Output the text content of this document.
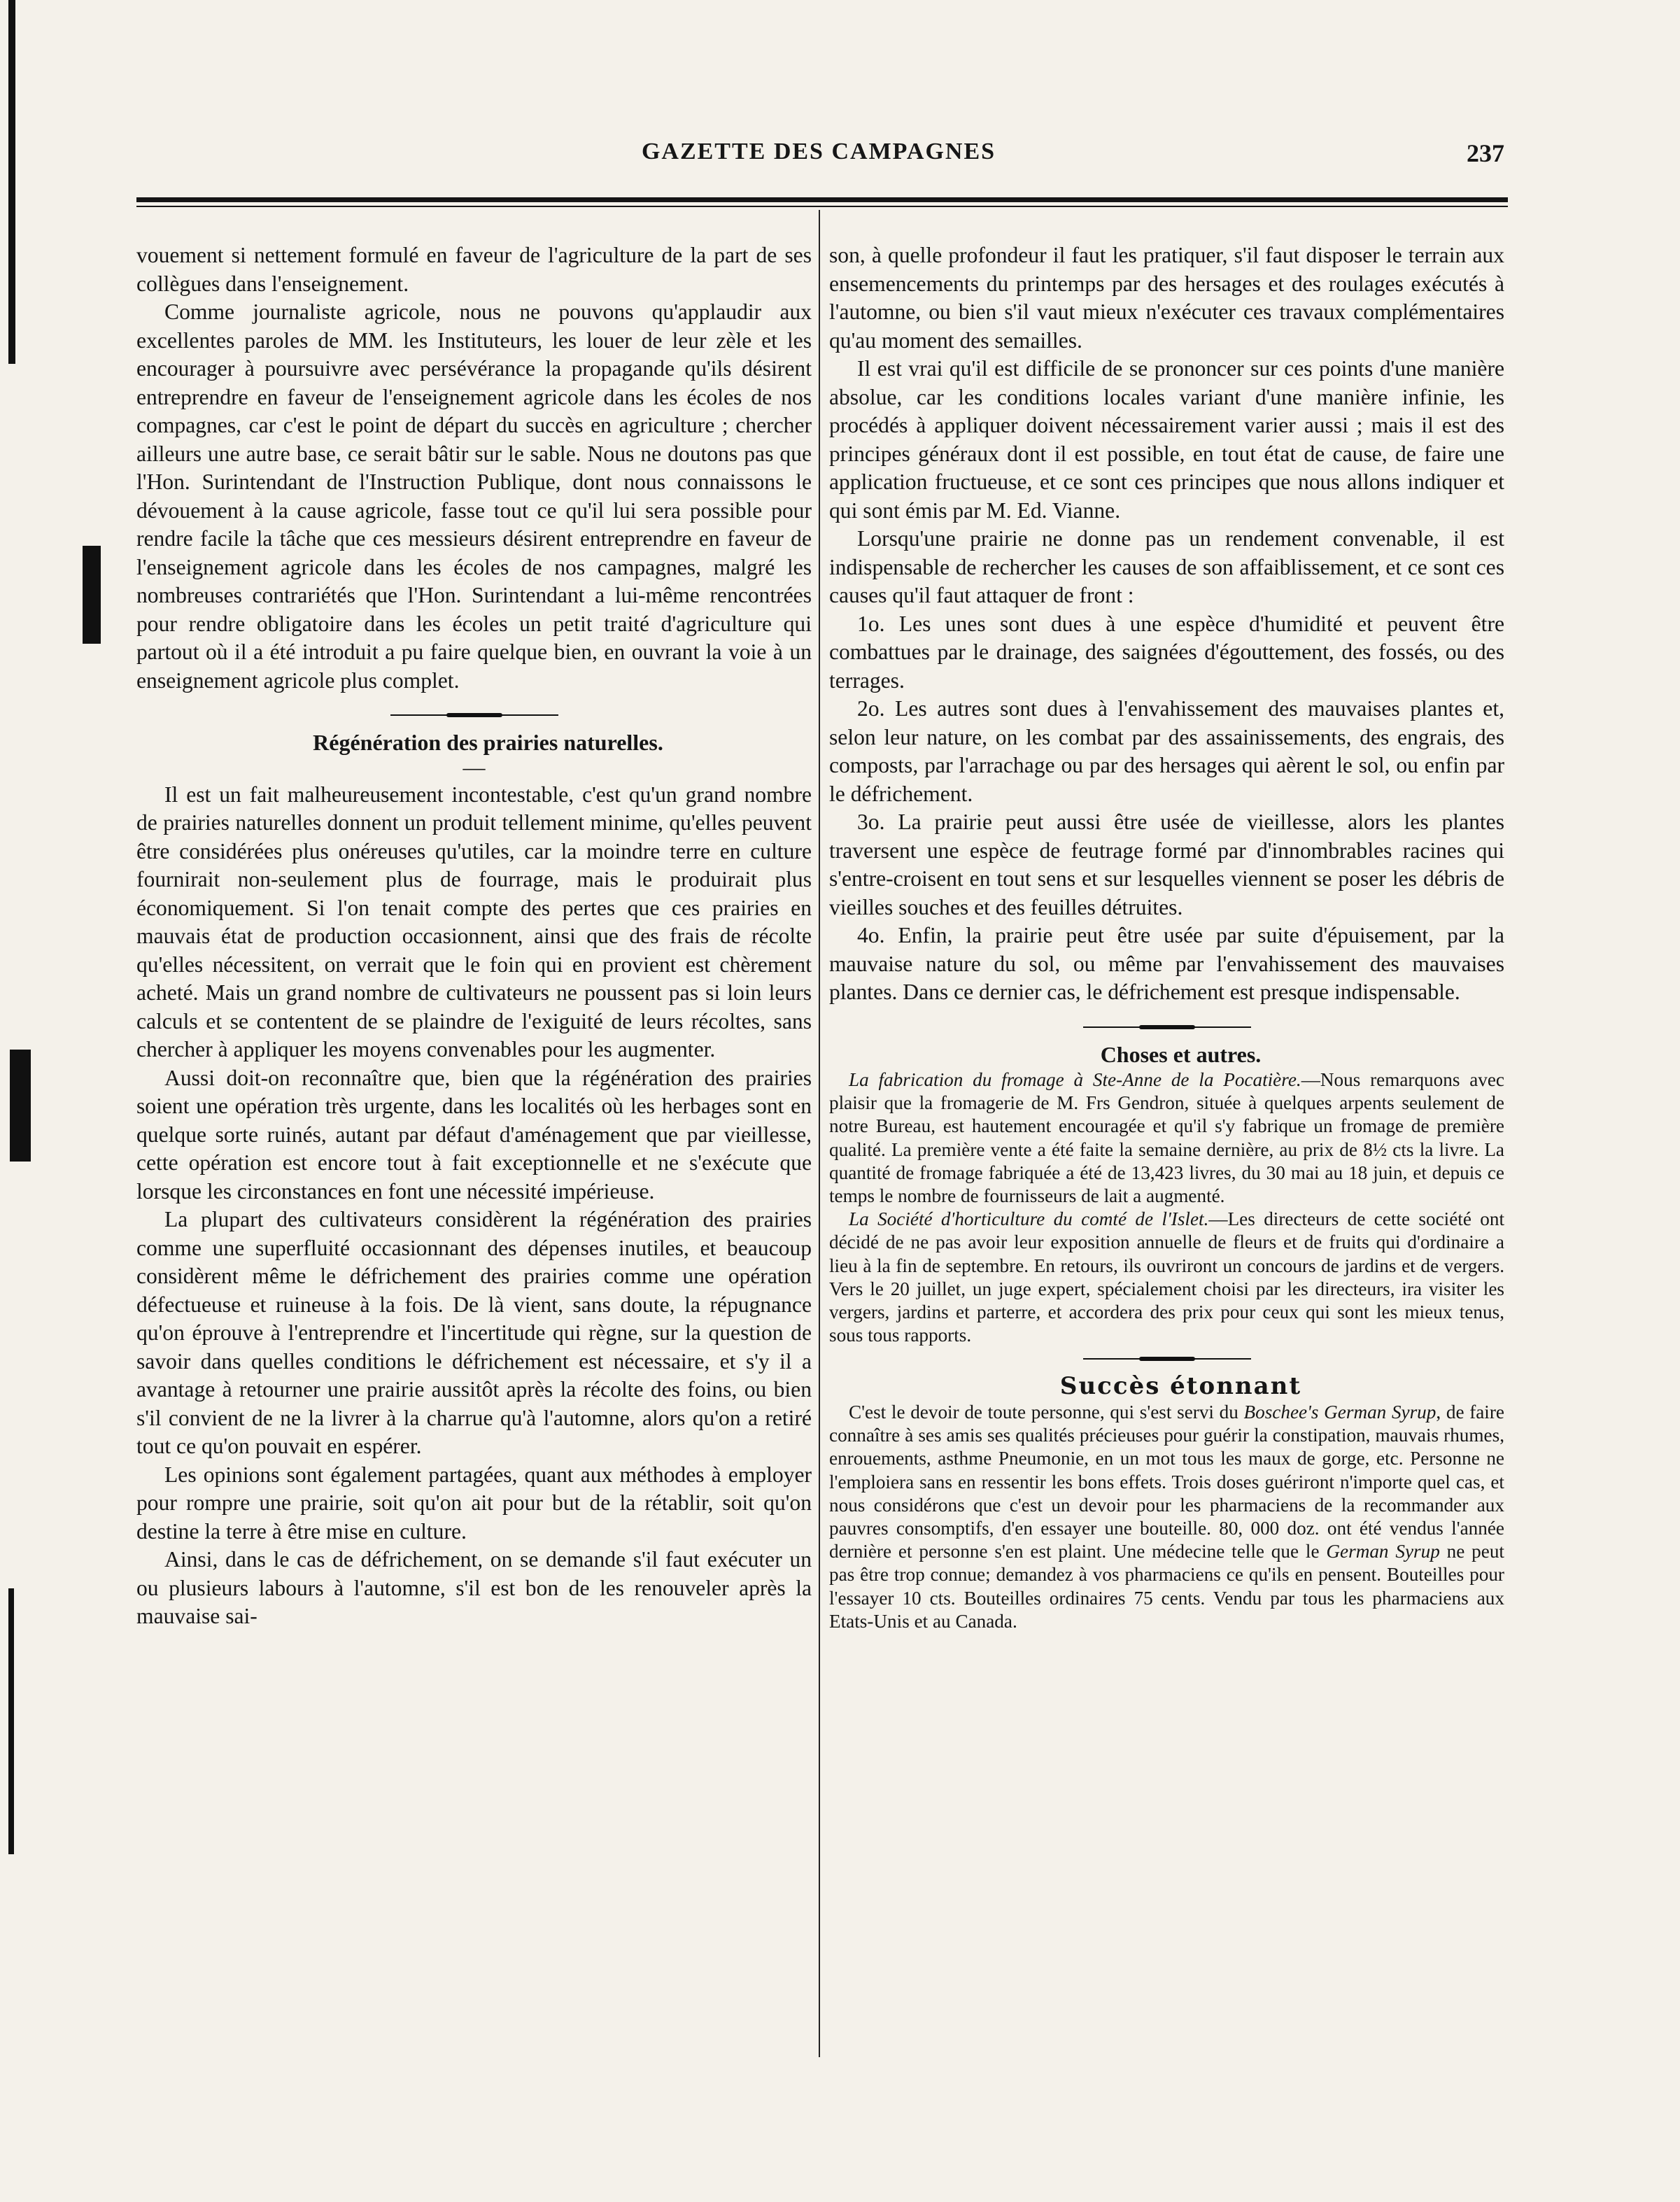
GAZETTE DES CAMPAGNES	237

vouement si nettement formulé en faveur de l'agriculture de la part de ses collègues dans l'enseignement.

Comme journaliste agricole, nous ne pouvons qu'applaudir aux excellentes paroles de MM. les Instituteurs, les louer de leur zèle et les encourager à poursuivre avec persévérance la propagande qu'ils désirent entreprendre en faveur de l'enseignement agricole dans les écoles de nos compagnes, car c'est le point de départ du succès en agriculture ; chercher ailleurs une autre base, ce serait bâtir sur le sable. Nous ne doutons pas que l'Hon. Surintendant de l'Instruction Publique, dont nous connaissons le dévouement à la cause agricole, fasse tout ce qu'il lui sera possible pour rendre facile la tâche que ces messieurs désirent entreprendre en faveur de l'enseignement agricole dans les écoles de nos campagnes, malgré les nombreuses contrariétés que l'Hon. Surintendant a lui-même rencontrées pour rendre obligatoire dans les écoles un petit traité d'agriculture qui partout où il a été introduit a pu faire quelque bien, en ouvrant la voie à un enseignement agricole plus complet.

Régénération des prairies naturelles.

—

Il est un fait malheureusement incontestable, c'est qu'un grand nombre de prairies naturelles donnent un produit tellement minime, qu'elles peuvent être considérées plus onéreuses qu'utiles, car la moindre terre en culture fournirait non-seulement plus de fourrage, mais le produirait plus économiquement. Si l'on tenait compte des pertes que ces prairies en mauvais état de production occasionnent, ainsi que des frais de récolte qu'elles nécessitent, on verrait que le foin qui en provient est chèrement acheté. Mais un grand nombre de cultivateurs ne poussent pas si loin leurs calculs et se contentent de se plaindre de l'exiguité de leurs récoltes, sans chercher à appliquer les moyens convenables pour les augmenter.

Aussi doit-on reconnaître que, bien que la régénération des prairies soient une opération très urgente, dans les localités où les herbages sont en quelque sorte ruinés, autant par défaut d'aménagement que par vieillesse, cette opération est encore tout à fait exceptionnelle et ne s'exécute que lorsque les circonstances en font une nécessité impérieuse.

La plupart des cultivateurs considèrent la régénération des prairies comme une superfluité occasionnant des dépenses inutiles, et beaucoup considèrent même le défrichement des prairies comme une opération défectueuse et ruineuse à la fois. De là vient, sans doute, la répugnance qu'on éprouve à l'entreprendre et l'incertitude qui règne, sur la question de savoir dans quelles conditions le défrichement est nécessaire, et s'y il a avantage à retourner une prairie aussitôt après la récolte des foins, ou bien s'il convient de ne la livrer à la charrue qu'à l'automne, alors qu'on a retiré tout ce qu'on pouvait en espérer.

Les opinions sont également partagées, quant aux méthodes à employer pour rompre une prairie, soit qu'on ait pour but de la rétablir, soit qu'on destine la terre à être mise en culture.

Ainsi, dans le cas de défrichement, on se demande s'il faut exécuter un ou plusieurs labours à l'automne, s'il est bon de les renouveler après la mauvaise sai-

son, à quelle profondeur il faut les pratiquer, s'il faut disposer le terrain aux ensemencements du printemps par des hersages et des roulages exécutés à l'automne, ou bien s'il vaut mieux n'exécuter ces travaux complémentaires qu'au moment des semailles.

Il est vrai qu'il est difficile de se prononcer sur ces points d'une manière absolue, car les conditions locales variant d'une manière infinie, les procédés à appliquer doivent nécessairement varier aussi ; mais il est des principes généraux dont il est possible, en tout état de cause, de faire une application fructueuse, et ce sont ces principes que nous allons indiquer et qui sont émis par M. Ed. Vianne.

Lorsqu'une prairie ne donne pas un rendement convenable, il est indispensable de rechercher les causes de son affaiblissement, et ce sont ces causes qu'il faut attaquer de front :

1o. Les unes sont dues à une espèce d'humidité et peuvent être combattues par le drainage, des saignées d'égouttement, des fossés, ou des terrages.

2o. Les autres sont dues à l'envahissement des mauvaises plantes et, selon leur nature, on les combat par des assainissements, des engrais, des composts, par l'arrachage ou par des hersages qui aèrent le sol, ou enfin par le défrichement.

3o. La prairie peut aussi être usée de vieillesse, alors les plantes traversent une espèce de feutrage formé par d'innombrables racines qui s'entre-croisent en tout sens et sur lesquelles viennent se poser les débris de vieilles souches et des feuilles détruites.

4o. Enfin, la prairie peut être usée par suite d'épuisement, par la mauvaise nature du sol, ou même par l'envahissement des mauvaises plantes. Dans ce dernier cas, le défrichement est presque indispensable.

Choses et autres.

La fabrication du fromage à Ste-Anne de la Pocatière.—Nous remarquons avec plaisir que la fromagerie de M. Frs Gendron, située à quelques arpents seulement de notre Bureau, est hautement encouragée et qu'il s'y fabrique un fromage de première qualité. La première vente a été faite la semaine dernière, au prix de 8½ cts la livre. La quantité de fromage fabriquée a été de 13,423 livres, du 30 mai au 18 juin, et depuis ce temps le nombre de fournisseurs de lait a augmenté.

La Société d'horticulture du comté de l'Islet.—Les directeurs de cette société ont décidé de ne pas avoir leur exposition annuelle de fleurs et de fruits qui d'ordinaire a lieu à la fin de septembre. En retours, ils ouvriront un concours de jardins et de vergers. Vers le 20 juillet, un juge expert, spécialement choisi par les directeurs, ira visiter les vergers, jardins et parterre, et accordera des prix pour ceux qui sont les mieux tenus, sous tous rapports.

Succès étonnant

C'est le devoir de toute personne, qui s'est servi du Boschee's German Syrup, de faire connaître à ses amis ses qualités précieuses pour guérir la constipation, mauvais rhumes, enrouements, asthme Pneumonie, en un mot tous les maux de gorge, etc. Personne ne l'emploiera sans en ressentir les bons effets. Trois doses guériront n'importe quel cas, et nous considérons que c'est un devoir pour les pharmaciens de la recommander aux pauvres consomptifs, d'en essayer une bouteille. 80, 000 doz. ont été vendus l'année dernière et personne s'en est plaint. Une médecine telle que le German Syrup ne peut pas être trop connue; demandez à vos pharmaciens ce qu'ils en pensent. Bouteilles pour l'essayer 10 cts. Bouteilles ordinaires 75 cents. Vendu par tous les pharmaciens aux Etats-Unis et au Canada.
